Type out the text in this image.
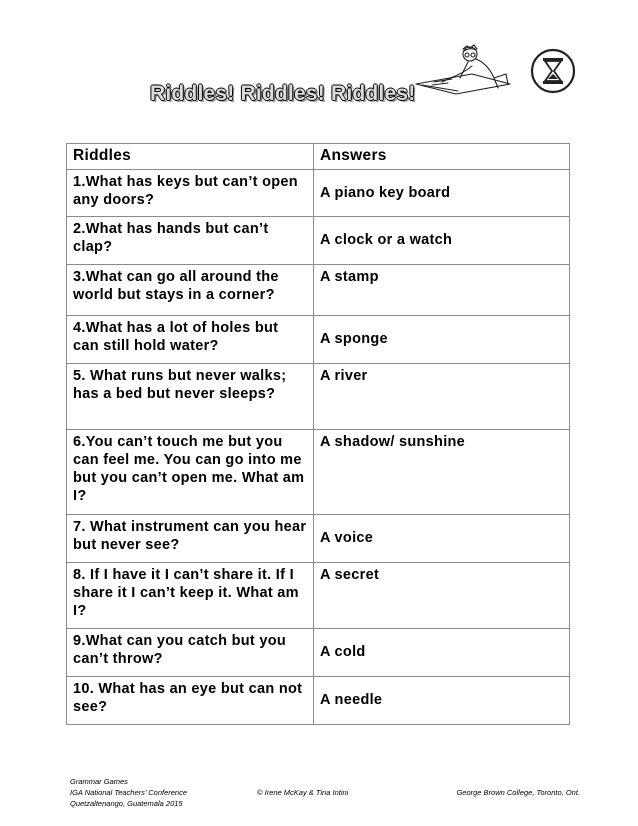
Riddles! Riddles! Riddles!
Riddles	Answers
1.What has keys but can’t open any doors?	A piano key board
2.What has hands but can’t clap?	A clock or a watch
3.What can go all around the world but stays in a corner?	A stamp
4.What has a lot of holes but can still hold water?	A sponge
5. What runs but never walks; has a bed but never sleeps?	A river
6.You can’t touch me but you can feel me. You can go into me but you can’t open me. What am I?	A shadow/ sunshine
7. What instrument can you hear but never see?	A voice
8. If I have it I can’t share it. If I share it I can’t keep it. What am I?	A secret
9.What can you catch but you can’t throw?	A cold
10. What has an eye but can not see?	A needle
Grammar Games
IGA National Teachers’ Conference	© Irene McKay & Tina Intini	George Brown College, Toronto, Ont.
Quetzaltenango, Guatemala 2015
